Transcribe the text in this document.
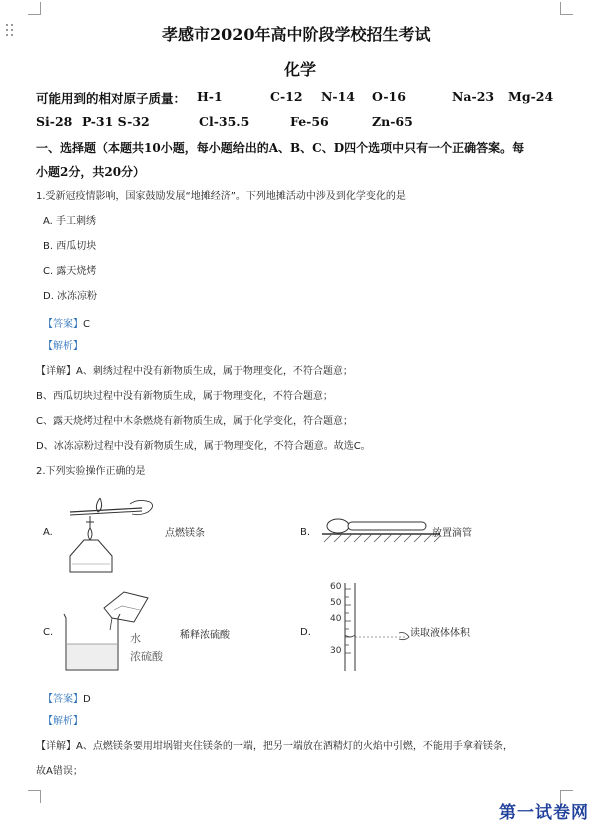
孝感市2020年高中阶段学校招生考试
化学
可能用到的相对原子质量： H-1	C-12 N-14 O-16	Na-23 Mg-24
Si-28 P-31 S-32	Cl-35.5	Fe-56	Zn-65
一、选择题（本题共10小题，每小题给出的A、B、C、D四个选项中只有一个正确答案。每
小题2分，共20分）
1.受新冠疫情影响，国家鼓励发展“地摊经济”。下列地摊活动中涉及到化学变化的是
A. 手工刺绣
B. 西瓜切块
C. 露天烧烤
D. 冰冻凉粉
【答案】C
【解析】
【详解】A、刺绣过程中没有新物质生成，属于物理变化，不符合题意；
B、西瓜切块过程中没有新物质生成，属于物理变化，不符合题意；
C、露天烧烤过程中木条燃烧有新物质生成，属于化学变化，符合题意；
D、冰冻凉粉过程中没有新物质生成，属于物理变化，不符合题意。故选C。
2.下列实验操作正确的是
A.	点燃镁条	B.	放置滴管
C.	水
浓硫酸
稀释浓硫酸	D.
60
50
40
30
读取液体体积
【答案】D
【解析】
【详解】A、点燃镁条要用坩埚钳夹住镁条的一端，把另一端放在酒精灯的火焰中引燃，不能用手拿着镁条，
故A错误；
第一试卷网
